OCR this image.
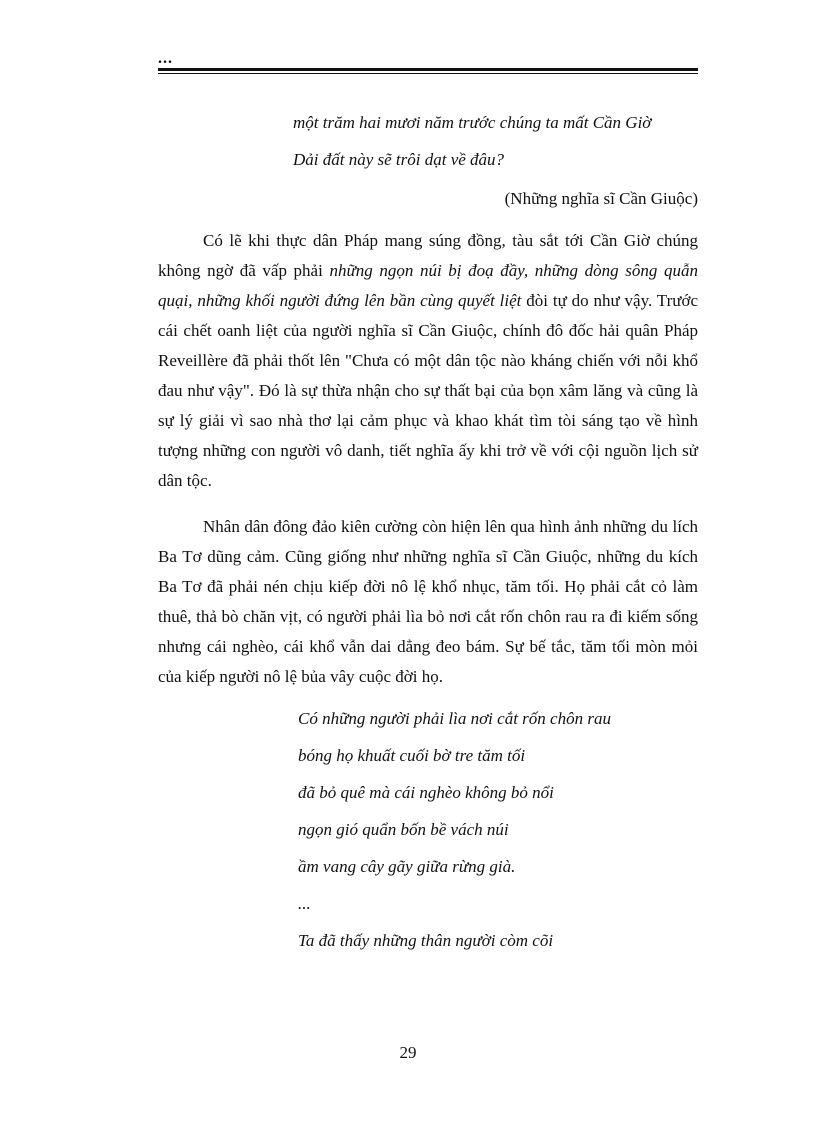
...

một trăm hai mươi năm trước chúng ta mất Cần Giờ

Dải đất này sẽ trôi dạt về đâu?

(Những nghĩa sĩ Cần Giuộc)

Có lẽ khi thực dân Pháp mang súng đồng, tàu sắt tới Cần Giờ chúng không ngờ đã vấp phải những ngọn núi bị đoạ đầy, những dòng sông quẫn quại, những khối người đứng lên bần cùng quyết liệt đòi tự do như vậy. Trước cái chết oanh liệt của người nghĩa sĩ Cần Giuộc, chính đô đốc hải quân Pháp Reveillère đã phải thốt lên "Chưa có một dân tộc nào kháng chiến với nỗi khổ đau như vậy". Đó là sự thừa nhận cho sự thất bại của bọn xâm lăng và cũng là sự lý giải vì sao nhà thơ lại cảm phục và khao khát tìm tòi sáng tạo về hình tượng những con người vô danh, tiết nghĩa ấy khi trở về với cội nguồn lịch sử dân tộc.

Nhân dân đông đảo kiên cường còn hiện lên qua hình ảnh những du lích Ba Tơ dũng cảm. Cũng giống như những nghĩa sĩ Cần Giuộc, những du kích Ba Tơ đã phải nén chịu kiếp đời nô lệ khổ nhục, tăm tối. Họ phải cắt cỏ làm thuê, thả bò chăn vịt, có người phải lìa bỏ nơi cắt rốn chôn rau ra đi kiếm sống nhưng cái nghèo, cái khổ vẫn dai dẳng đeo bám. Sự bế tắc, tăm tối mòn mỏi của kiếp người nô lệ bủa vây cuộc đời họ.

Có những người phải lìa nơi cắt rốn chôn rau

bóng họ khuất cuối bờ tre tăm tối

đã bỏ quê mà cái nghèo không bỏ nổi

ngọn gió quẩn bốn bề vách núi

ầm vang cây gãy giữa rừng già.

...

Ta đã thấy những thân người còm cõi

29
